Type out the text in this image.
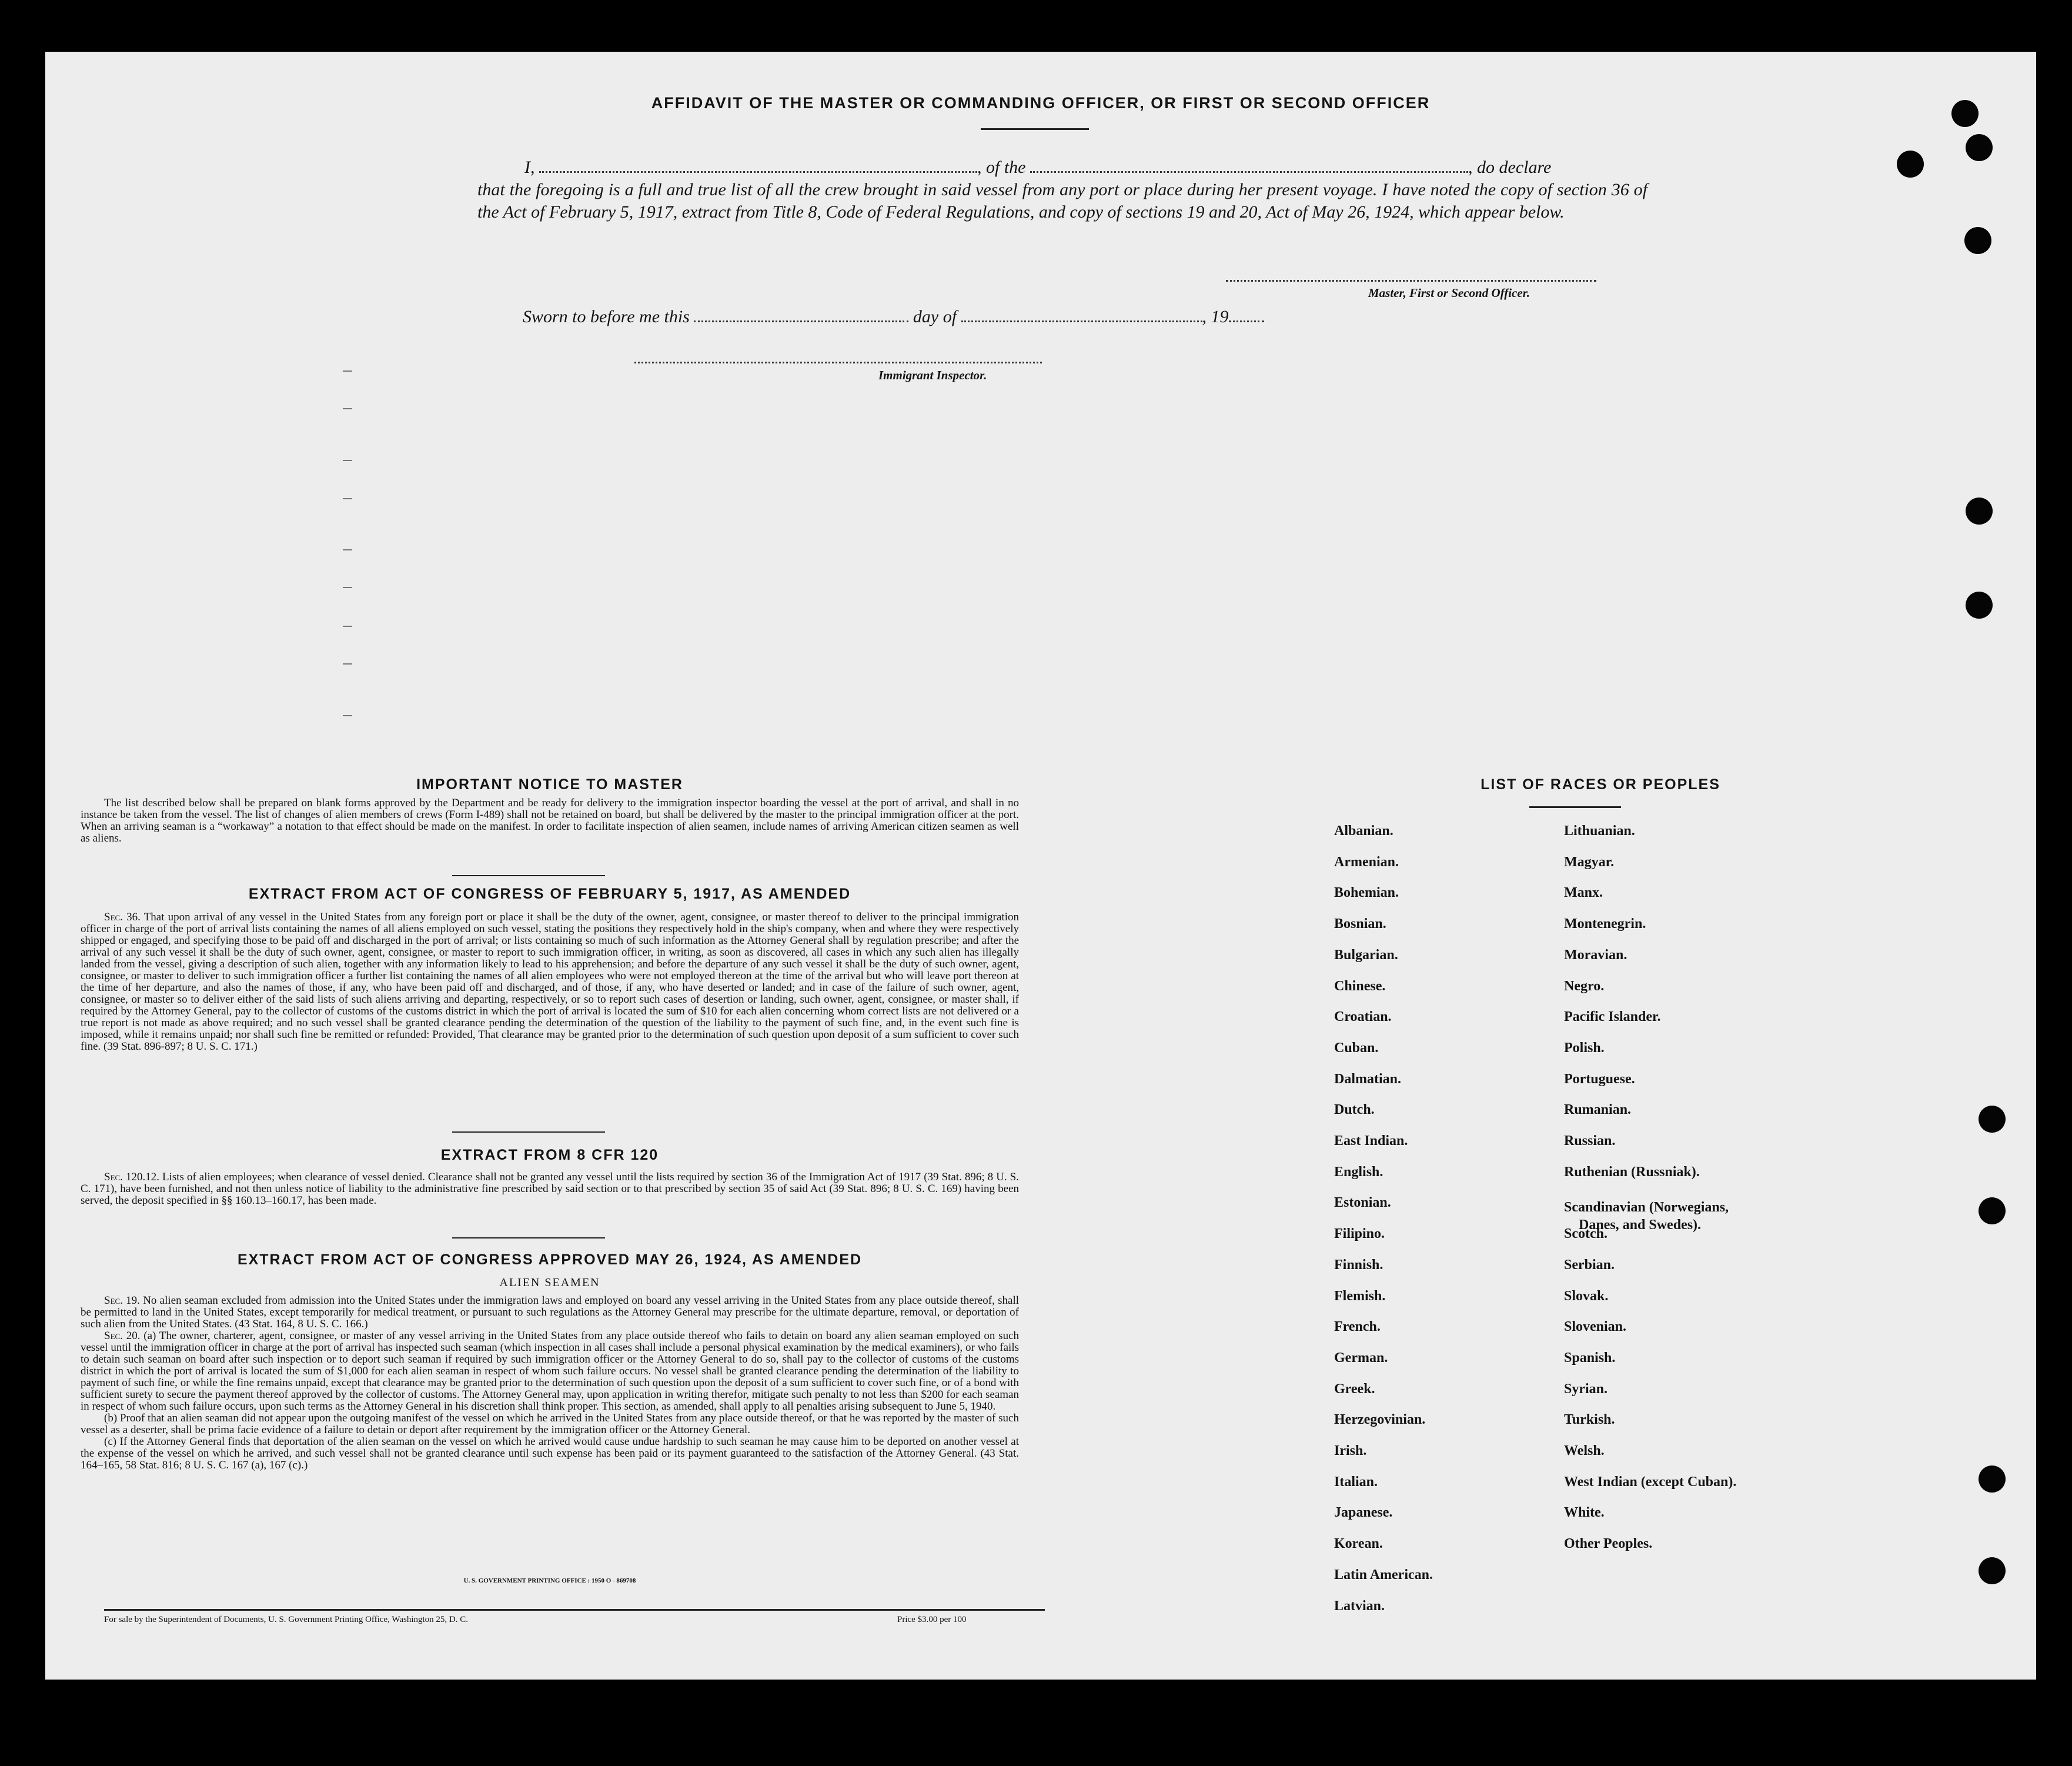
AFFIDAVIT OF THE MASTER OR COMMANDING OFFICER, OR FIRST OR SECOND OFFICER
I,	, of the	, do declare
that the foregoing is a full and true list of all the crew brought in said vessel from any port or place during her present voyage. I have noted the copy of section 36 of the Act of February 5, 1917, extract from Title 8, Code of Federal Regulations, and copy of sections 19 and 20, Act of May 26, 1924, which appear below.
Master, First or Second Officer.
Sworn to before me this	day of	, 19
Immigrant Inspector.
IMPORTANT NOTICE TO MASTER

The list described below shall be prepared on blank forms approved by the Department and be ready for delivery to the immigration inspector boarding the vessel at the port of arrival, and shall in no instance be taken from the vessel. The list of changes of alien members of crews (Form I-489) shall not be retained on board, but shall be delivered by the master to the principal immigration officer at the port. When an arriving seaman is a “workaway” a notation to that effect should be made on the manifest. In order to facilitate inspection of alien seamen, include names of arriving American citizen seamen as well as aliens.

EXTRACT FROM ACT OF CONGRESS OF FEBRUARY 5, 1917, AS AMENDED

Sec. 36. That upon arrival of any vessel in the United States from any foreign port or place it shall be the duty of the owner, agent, consignee, or master thereof to deliver to the principal immigration officer in charge of the port of arrival lists containing the names of all aliens employed on such vessel, stating the positions they respectively hold in the ship's company, when and where they were respectively shipped or engaged, and specifying those to be paid off and discharged in the port of arrival; or lists containing so much of such information as the Attorney General shall by regulation prescribe; and after the arrival of any such vessel it shall be the duty of such owner, agent, consignee, or master to report to such immigration officer, in writing, as soon as discovered, all cases in which any such alien has illegally landed from the vessel, giving a description of such alien, together with any information likely to lead to his apprehension; and before the departure of any such vessel it shall be the duty of such owner, agent, consignee, or master to deliver to such immigration officer a further list containing the names of all alien employees who were not employed thereon at the time of the arrival but who will leave port thereon at the time of her departure, and also the names of those, if any, who have been paid off and discharged, and of those, if any, who have deserted or landed; and in case of the failure of such owner, agent, consignee, or master so to deliver either of the said lists of such aliens arriving and departing, respectively, or so to report such cases of desertion or landing, such owner, agent, consignee, or master shall, if required by the Attorney General, pay to the collector of customs of the customs district in which the port of arrival is located the sum of $10 for each alien concerning whom correct lists are not delivered or a true report is not made as above required; and no such vessel shall be granted clearance pending the determination of the question of the liability to the payment of such fine, and, in the event such fine is imposed, while it remains unpaid; nor shall such fine be remitted or refunded: Provided, That clearance may be granted prior to the determination of such question upon deposit of a sum sufficient to cover such fine. (39 Stat. 896-897; 8 U. S. C. 171.)

EXTRACT FROM 8 CFR 120

Sec. 120.12. Lists of alien employees; when clearance of vessel denied. Clearance shall not be granted any vessel until the lists required by section 36 of the Immigration Act of 1917 (39 Stat. 896; 8 U. S. C. 171), have been furnished, and not then unless notice of liability to the administrative fine prescribed by said section or to that prescribed by section 35 of said Act (39 Stat. 896; 8 U. S. C. 169) having been served, the deposit specified in §§ 160.13–160.17, has been made.

EXTRACT FROM ACT OF CONGRESS APPROVED MAY 26, 1924, AS AMENDED
ALIEN SEAMEN

Sec. 19. No alien seaman excluded from admission into the United States under the immigration laws and employed on board any vessel arriving in the United States from any place outside thereof, shall be permitted to land in the United States, except temporarily for medical treatment, or pursuant to such regulations as the Attorney General may prescribe for the ultimate departure, removal, or deportation of such alien from the United States. (43 Stat. 164, 8 U. S. C. 166.)

Sec. 20. (a) The owner, charterer, agent, consignee, or master of any vessel arriving in the United States from any place outside thereof who fails to detain on board any alien seaman employed on such vessel until the immigration officer in charge at the port of arrival has inspected such seaman (which inspection in all cases shall include a personal physical examination by the medical examiners), or who fails to detain such seaman on board after such inspection or to deport such seaman if required by such immigration officer or the Attorney General to do so, shall pay to the collector of customs of the customs district in which the port of arrival is located the sum of $1,000 for each alien seaman in respect of whom such failure occurs. No vessel shall be granted clearance pending the determination of the liability to payment of such fine, or while the fine remains unpaid, except that clearance may be granted prior to the determination of such question upon the deposit of a sum sufficient to cover such fine, or of a bond with sufficient surety to secure the payment thereof approved by the collector of customs. The Attorney General may, upon application in writing therefor, mitigate such penalty to not less than $200 for each seaman in respect of whom such failure occurs, upon such terms as the Attorney General in his discretion shall think proper. This section, as amended, shall apply to all penalties arising subsequent to June 5, 1940.

(b) Proof that an alien seaman did not appear upon the outgoing manifest of the vessel on which he arrived in the United States from any place outside thereof, or that he was reported by the master of such vessel as a deserter, shall be prima facie evidence of a failure to detain or deport after requirement by the immigration officer or the Attorney General.

(c) If the Attorney General finds that deportation of the alien seaman on the vessel on which he arrived would cause undue hardship to such seaman he may cause him to be deported on another vessel at the expense of the vessel on which he arrived, and such vessel shall not be granted clearance until such expense has been paid or its payment guaranteed to the satisfaction of the Attorney General. (43 Stat. 164–165, 58 Stat. 816; 8 U. S. C. 167 (a), 167 (c).)

U. S. GOVERNMENT PRINTING OFFICE : 1950 O - 869708
For sale by the Superintendent of Documents, U. S. Government Printing Office, Washington 25, D. C.	Price $3.00 per 100
LIST OF RACES OR PEOPLES
Albanian.
Armenian.
Bohemian.
Bosnian.
Bulgarian.
Chinese.
Croatian.
Cuban.
Dalmatian.
Dutch.
East Indian.
English.
Estonian.
Filipino.
Finnish.
Flemish.
French.
German.
Greek.
Herzegovinian.
Irish.
Italian.
Japanese.
Korean.
Latin American.
Latvian.
Lithuanian.
Magyar.
Manx.
Montenegrin.
Moravian.
Negro.
Pacific Islander.
Polish.
Portuguese.
Rumanian.
Russian.
Ruthenian (Russniak).
Scandinavian (Norwegians,
Danes, and Swedes).
Scotch.
Serbian.
Slovak.
Slovenian.
Spanish.
Syrian.
Turkish.
Welsh.
West Indian (except Cuban).
White.
Other Peoples.
